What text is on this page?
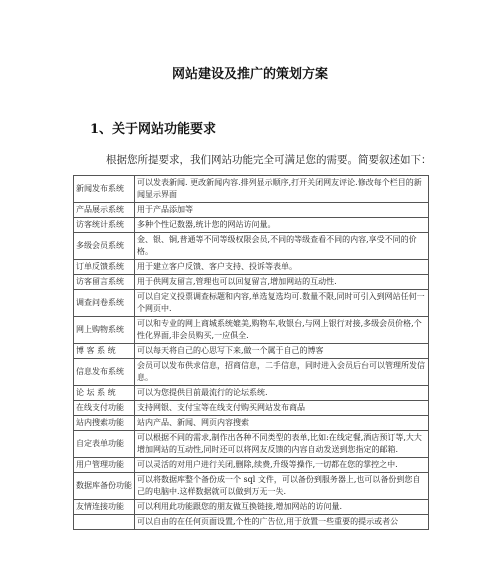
网站建设及推广的策划方案
1、关于网站功能要求
根据您所提要求，我们网站功能完全可满足您的需要。简要叙述如下：
新闻发布系统	可以发表新闻. 更改新闻内容.排列显示顺序,打开关闭网友评论.修改每个栏目的新闻显示界面
产品展示系统	用于产品添加等
访客统计系统	多种个性记数器,统计您的网站访问量。
多级会员系统	金、银、铜,普通等不同等级权限会员,不同的等级查看不同的内容,享受不同的价格。
订单反馈系统	用于建立客户反馈、客户支持、投诉等表单。
访客留言系统	用于供网友留言,管理也可以回复留言,增加网站的互动性.
调查问卷系统	可以自定义投票调查标题和内容,单选复选均可.数量不限,同时可引入到网站任何一个网页中.
网上购物系统	可以和专业的网上商城系统媲美,购物车,收银台,与网上银行对接,多级会员价格,个性化界面,非会员购买,一应俱全.
博 客 系 统	可以每天将自己的心思写下来,做一个属于自己的博客
信息发布系统	会员可以发布供求信息，招商信息，二手信息，同时进入会员后台可以管理所发信息。
论 坛 系 统	可以为您提供目前最流行的论坛系统.
在线支付功能	支持网银、支付宝等在线支付购买网站发布商品
站内搜索功能	站内产品、新闻、网页内容搜索
自定表单功能	可以根据不同的需求,制作出各种不同类型的表单,比如:在线定餐,酒店预订等,大大增加网站的互动性,同时还可以将网友反馈的内容自动发送到您指定的邮箱.
用户管理功能	可以灵活的对用户进行关闭,删除,续费,升级等操作,一切都在您的掌控之中.
数据库备份功能	可以将数据库整个备份成一个 sql 文件，可以备份到服务器上,也可以备份到您自己的电脑中.这样数据就可以做到万无一失.
友情连接功能	可以利用此功能跟您的朋友做互换链接,增加网站的访问量.
	可以自由的在任何页面设置,个性的广告位,用于放置一些重要的提示或者公
